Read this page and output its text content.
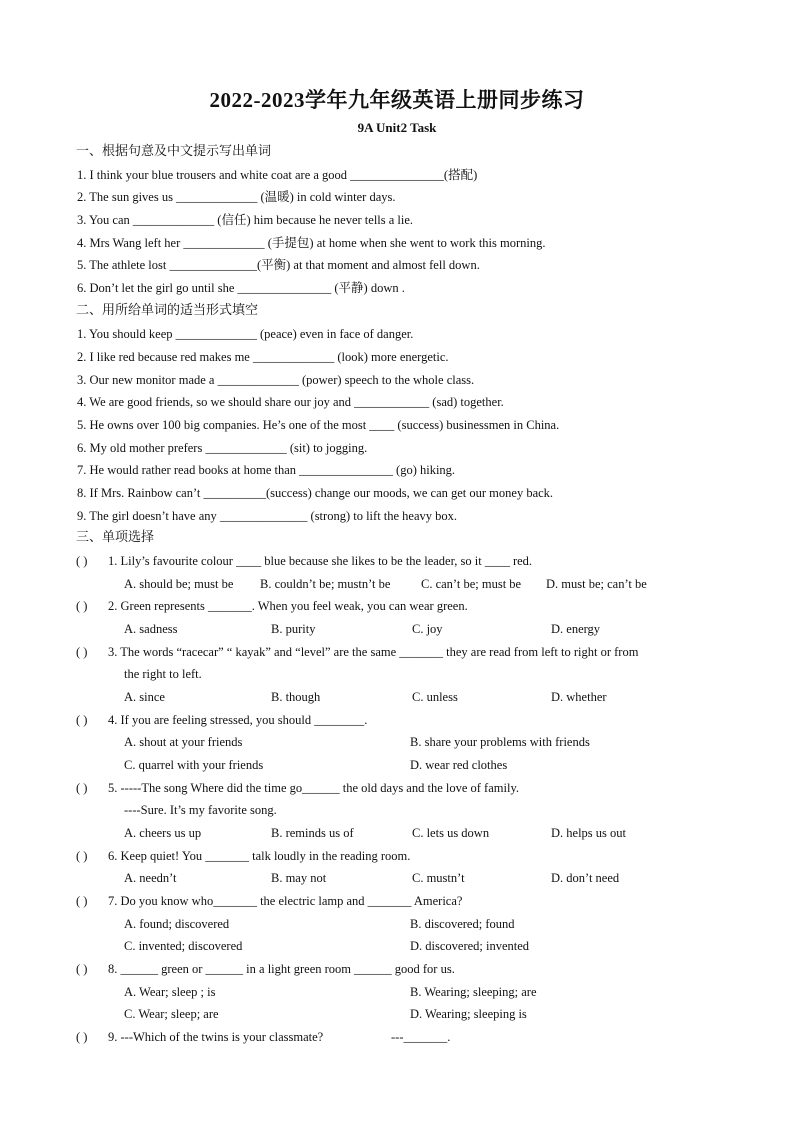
2022-2023学年九年级英语上册同步练习
9A Unit2 Task
一、根据句意及中文提示写出单词
1. I think your blue trousers and white coat are a good _______________(搭配)
2. The sun gives us _____________ (温暖) in cold winter days.
3. You can _____________ (信任) him because he never tells a lie.
4. Mrs Wang left her _____________ (手提包) at home when she went to work this morning.
5. The athlete lost ______________(平衡) at that moment and almost fell down.
6. Don’t let the girl go until she _______________ (平静) down .
二、用所给单词的适当形式填空
1. You should keep _____________ (peace) even in face of danger.
2. I like red because red makes me _____________ (look) more energetic.
3. Our new monitor made a _____________ (power) speech to the whole class.
4. We are good friends, so we should share our joy and ____________ (sad) together.
5. He owns over 100 big companies. He’s one of the most ____ (success) businessmen in China.
6. My old mother prefers _____________ (sit) to jogging.
7. He would rather read books at home than _______________ (go) hiking.
8. If Mrs. Rainbow can’t __________(success) change our moods, we can get our money back.
9. The girl doesn’t have any ______________ (strong) to lift the heavy box.
三、单项选择
( ) 1. Lily’s favourite colour ____ blue because she likes to be the leader, so it ____ red.
A. should be; must be B. couldn’t be; mustn’t be C. can’t be; must be D. must be; can’t be
( ) 2. Green represents _______. When you feel weak, you can wear green.
A. sadness	B. purity	C. joy	D. energy
( ) 3. The words “racecar” “ kayak” and “level” are the same _______ they are read from left to right or from
the right to left.
A. since	B. though	C. unless	D. whether
( ) 4. If you are feeling stressed, you should ________.
A. shout at your friends	B. share your problems with friends
C. quarrel with your friends	D. wear red clothes
( ) 5. -----The song Where did the time go______ the old days and the love of family.
----Sure. It’s my favorite song.
A. cheers us up	B. reminds us of	C. lets us down	D. helps us out
( ) 6. Keep quiet! You _______ talk loudly in the reading room.
A. needn’t	B. may not	C. mustn’t	D. don’t need
( ) 7. Do you know who_______ the electric lamp and _______ America?
A. found; discovered	B. discovered; found
C. invented; discovered	D. discovered; invented
( ) 8. ______ green or ______ in a light green room ______ good for us.
A. Wear; sleep ; is	B. Wearing; sleeping; are
C. Wear; sleep; are	D. Wearing; sleeping is
( ) 9. ---Which of the twins is your classmate?	---_______.
